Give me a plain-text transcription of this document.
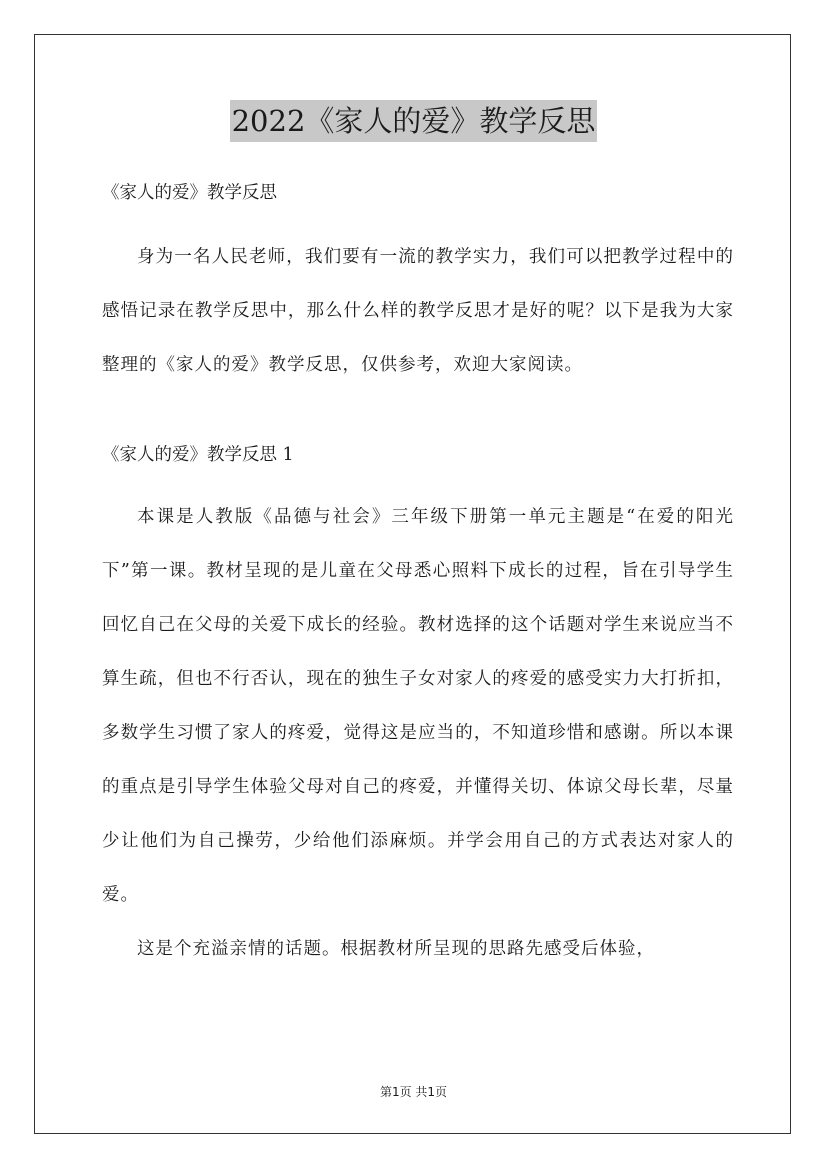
2022《家人的爱》教学反思

《家人的爱》教学反思

身为一名人民老师，我们要有一流的教学实力，我们可以把教学过程中的感悟记录在教学反思中，那么什么样的教学反思才是好的呢？以下是我为大家整理的《家人的爱》教学反思，仅供参考，欢迎大家阅读。

《家人的爱》教学反思 1

本课是人教版《品德与社会》三年级下册第一单元主题是“在爱的阳光下”第一课。教材呈现的是儿童在父母悉心照料下成长的过程，旨在引导学生回忆自己在父母的关爱下成长的经验。教材选择的这个话题对学生来说应当不算生疏，但也不行否认，现在的独生子女对家人的疼爱的感受实力大打折扣，多数学生习惯了家人的疼爱，觉得这是应当的，不知道珍惜和感谢。所以本课的重点是引导学生体验父母对自己的疼爱，并懂得关切、体谅父母长辈，尽量少让他们为自己操劳，少给他们添麻烦。并学会用自己的方式表达对家人的爱。

这是个充溢亲情的话题。根据教材所呈现的思路先感受后体验，

第1页 共1页
